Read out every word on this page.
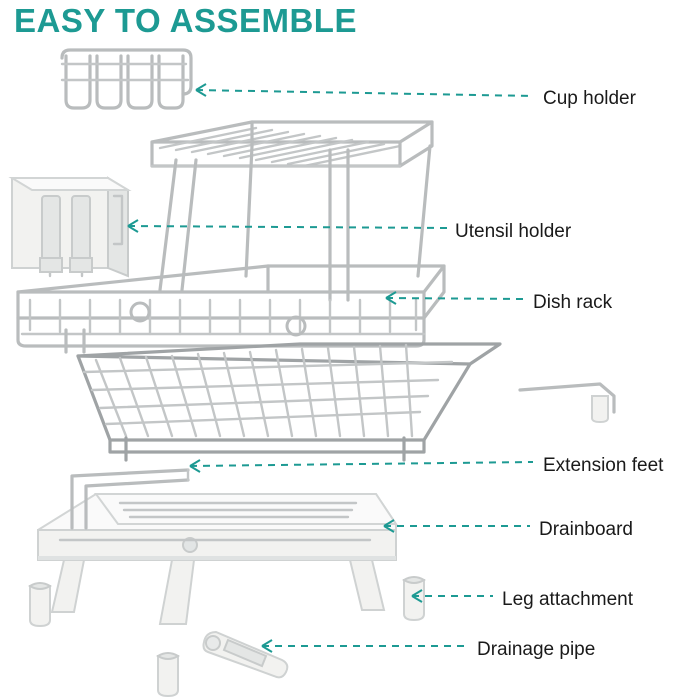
EASY TO ASSEMBLE
Cup holder
Utensil holder
Dish rack
Extension feet
Drainboard
Leg attachment
Drainage pipe
